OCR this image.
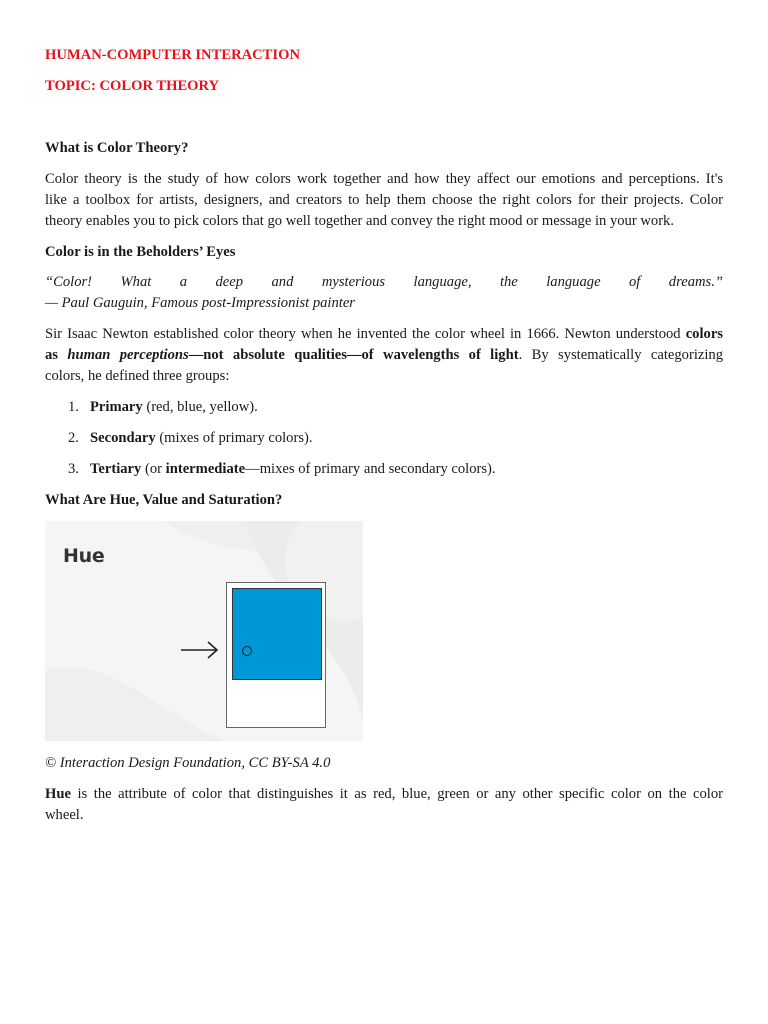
HUMAN-COMPUTER INTERACTION
TOPIC: COLOR THEORY
What is Color Theory?
Color theory is the study of how colors work together and how they affect our emotions and perceptions. It's
like a toolbox for artists, designers, and creators to help them choose the right colors for their projects. Color
theory enables you to pick colors that go well together and convey the right mood or message in your work.
Color is in the Beholders’ Eyes
“Color! What a deep and mysterious language, the language of dreams.”
— Paul Gauguin, Famous post-Impressionist painter
Sir Isaac Newton established color theory when he invented the color wheel in 1666. Newton understood colors
as human perceptions—not absolute qualities—of wavelengths of light. By systematically categorizing
colors, he defined three groups:
1. Primary (red, blue, yellow).
2. Secondary (mixes of primary colors).
3. Tertiary (or intermediate—mixes of primary and secondary colors).
What Are Hue, Value and Saturation?
Hue
© Interaction Design Foundation, CC BY-SA 4.0
Hue is the attribute of color that distinguishes it as red, blue, green or any other specific color on the color
wheel.
